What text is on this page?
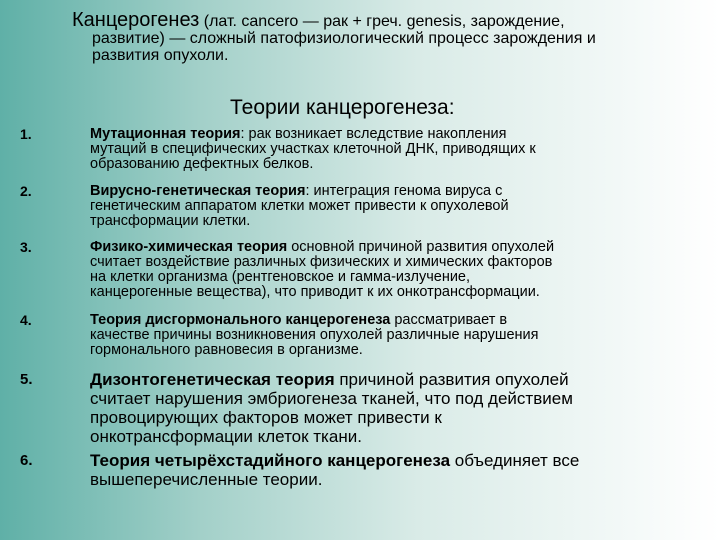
Канцерогенез (лат. cancero — рак + греч. genesis, зарождение,
развитие) — сложный патофизиологический процесс зарождения и
развития опухоли.
Теории канцерогенеза:
1.	Мутационная теория: рак возникает вследствие накопления
мутаций в специфических участках клеточной ДНК, приводящих к
образованию дефектных белков.
2.	Вирусно-генетическая теория: интеграция генома вируса с
генетическим аппаратом клетки может привести к опухолевой
трансформации клетки.
3.	Физико-химическая теория основной причиной развития опухолей
считает воздействие различных физических и химических факторов
на клетки организма (рентгеновское и гамма-излучение,
канцерогенные вещества), что приводит к их онкотрансформации.
4.	Теория дисгормонального канцерогенеза рассматривает в
качестве причины возникновения опухолей различные нарушения
гормонального равновесия в организме.
5.	Дизонтогенетическая теория причиной развития опухолей
считает нарушения эмбриогенеза тканей, что под действием
провоцирующих факторов может привести к
онкотрансформации клеток ткани.
6.	Теория четырёхстадийного канцерогенеза объединяет все
вышеперечисленные теории.
